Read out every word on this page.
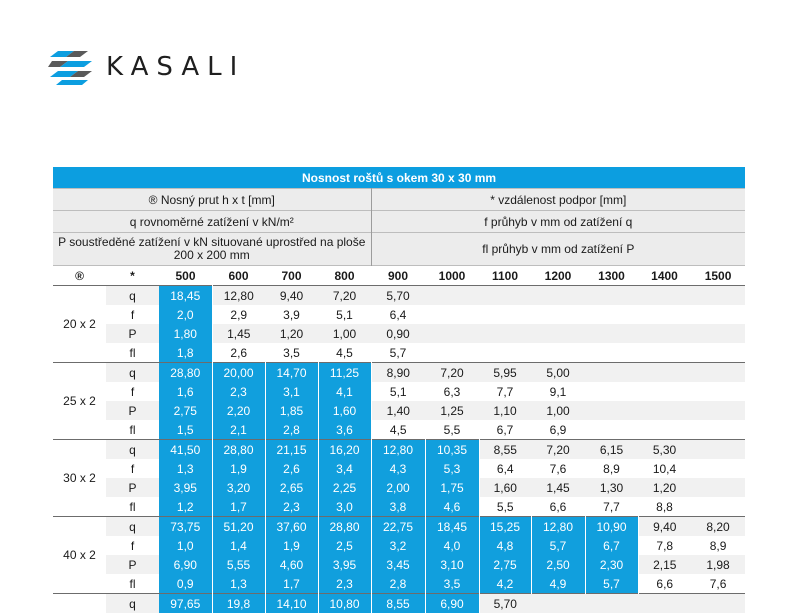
KASALI
Nosnost roštů s okem 30 x 30 mm												
® Nosný prut h x t [mm]						* vzdálenost podpor [mm]						
q rovnoměrné zatížení v kN/m²						f průhyb v mm od zatížení q						
P soustředěné zatížení v kN situované uprostřed na ploše 200 x 200 mm						fl průhyb v mm od zatížení P						
®	*	500	600	700	800	900	1000	1100	1200	1300	1400	1500
20 x 2	q	18,45	12,80	9,40	7,20	5,70						
	f	2,0	2,9	3,9	5,1	6,4						
	P	1,80	1,45	1,20	1,00	0,90						
	fl	1,8	2,6	3,5	4,5	5,7						
25 x 2	q	28,80	20,00	14,70	11,25	8,90	7,20	5,95	5,00			
	f	1,6	2,3	3,1	4,1	5,1	6,3	7,7	9,1			
	P	2,75	2,20	1,85	1,60	1,40	1,25	1,10	1,00			
	fl	1,5	2,1	2,8	3,6	4,5	5,5	6,7	6,9			
30 x 2	q	41,50	28,80	21,15	16,20	12,80	10,35	8,55	7,20	6,15	5,30	
	f	1,3	1,9	2,6	3,4	4,3	5,3	6,4	7,6	8,9	10,4	
	P	3,95	3,20	2,65	2,25	2,00	1,75	1,60	1,45	1,30	1,20	
	fl	1,2	1,7	2,3	3,0	3,8	4,6	5,5	6,6	7,7	8,8	
40 x 2	q	73,75	51,20	37,60	28,80	22,75	18,45	15,25	12,80	10,90	9,40	8,20
	f	1,0	1,4	1,9	2,5	3,2	4,0	4,8	5,7	6,7	7,8	8,9
	P	6,90	5,55	4,60	3,95	3,45	3,10	2,75	2,50	2,30	2,15	1,98
	fl	0,9	1,3	1,7	2,3	2,8	3,5	4,2	4,9	5,7	6,6	7,6
	q	97,65	19,8	14,10	10,80	8,55	6,90	5,70				
